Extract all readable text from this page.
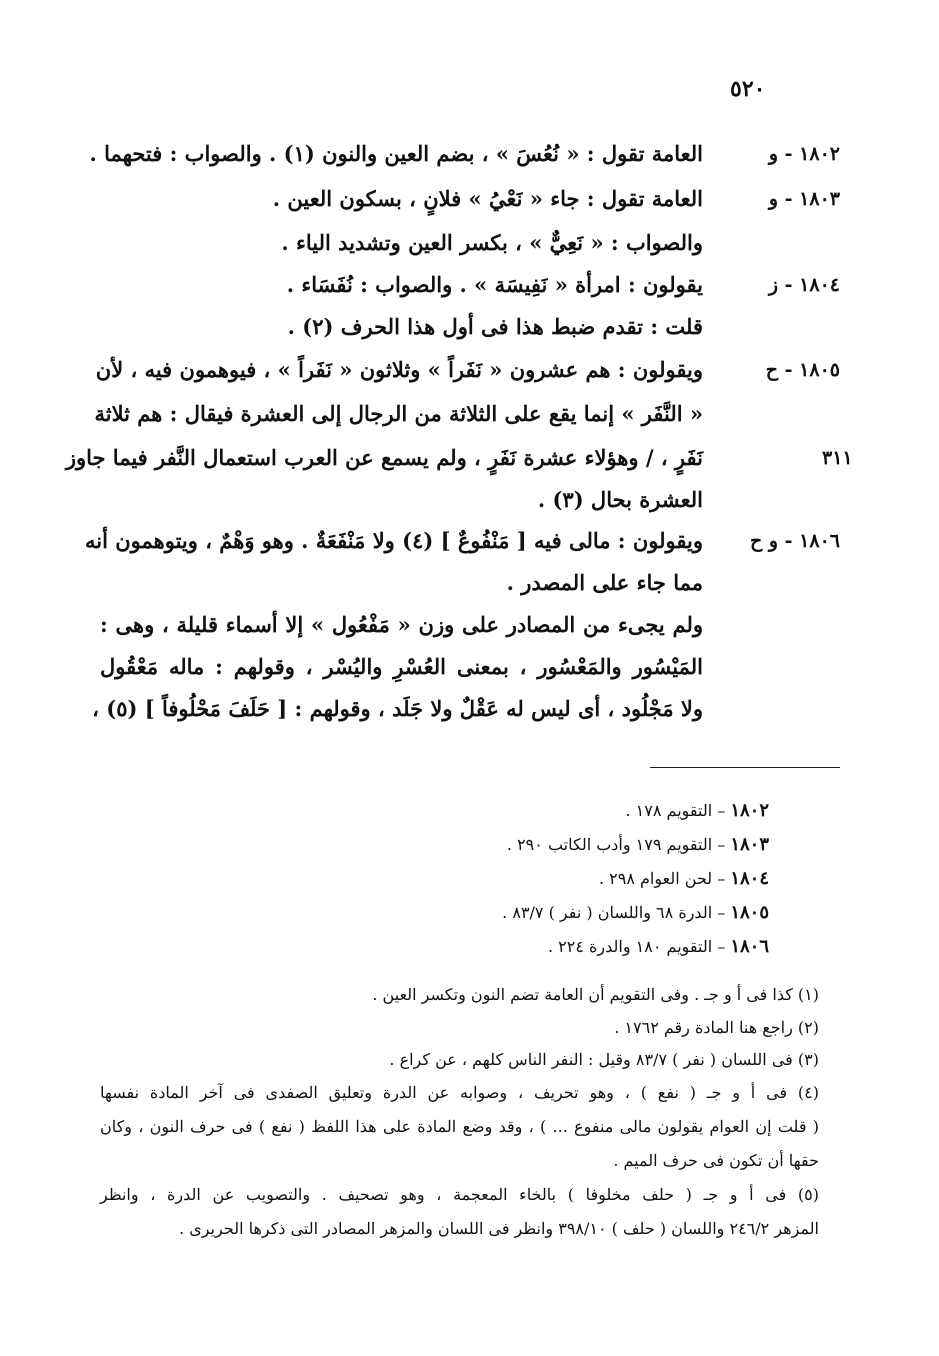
٥٢٠
١٨٠٢ - و
العامة تقول : « نُعُسَ » ، بضم العين والنون (١) . والصواب : فتحهما .
١٨٠٣ - و
العامة تقول : جاء « نَعْيُ » فلانٍ ، بسكون العين .
والصواب : « نَعِيٌّ » ، بكسر العين وتشديد الياء .
١٨٠٤ - ز
يقولون : امرأة « نَفِيسَة » . والصواب : نُفَسَاء .
قلت : تقدم ضبط هذا فى أول هذا الحرف (٢) .
١٨٠٥ - ح
ويقولون : هم عشرون « نَفَراً » وثلاثون « نَفَراً » ، فيوهمون فيه ، لأن
« النَّفَر » إنما يقع على الثلاثة من الرجال إلى العشرة فيقال : هم ثلاثة
نَفَرٍ ، / وهؤلاء عشرة نَفَرٍ ، ولم يسمع عن العرب استعمال النَّفر فيما جاوز
العشرة بحال (٣) .
٣١١
١٨٠٦ - و ح
ويقولون : مالى فيه [ مَنْفُوعٌ ] (٤) ولا مَنْفَعَةٌ . وهو وَهْمٌ ، ويتوهمون أنه
مما جاء على المصدر .
ولم يجىء من المصادر على وزن « مَفْعُول » إلا أسماء قليلة ، وهى :
المَيْسُور والمَعْسُور ، بمعنى العُسْرِ واليُسْر ، وقولهم : ماله مَعْقُول
ولا مَجْلُود ، أى ليس له عَقْلٌ ولا جَلَد ، وقولهم : [ حَلَفَ مَحْلُوفاً ] (٥) ،
١٨٠٢ – التقويم ١٧٨ .
١٨٠٣ – التقويم ١٧٩ وأدب الكاتب ٢٩٠ .
١٨٠٤ – لحن العوام ٢٩٨ .
١٨٠٥ – الدرة ٦٨ واللسان ( نفر ) ٨٣/٧ .
١٨٠٦ – التقويم ١٨٠ والدرة ٢٢٤ .
(١) كذا فى أ و جـ . وفى التقويم أن العامة تضم النون وتكسر العين .
(٢) راجع هنا المادة رقم ١٧٦٢ .
(٣) فى اللسان ( نفر ) ٨٣/٧ وقيل : النفر الناس كلهم ، عن كراع .
(٤) فى أ و جـ ( نفع ) ، وهو تحريف ، وصوابه عن الدرة وتعليق الصفدى فى آخر المادة نفسها
( قلت إن العوام يقولون مالى منفوع ... ) ، وقد وضع المادة على هذا اللفظ ( نفع ) فى حرف النون ، وكان
حقها أن تكون فى حرف الميم .
(٥) فى أ و جـ ( حلف مخلوفا ) بالخاء المعجمة ، وهو تصحيف . والتصويب عن الدرة ، وانظر
المزهر ٢٤٦/٢ واللسان ( حلف ) ٣٩٨/١٠ وانظر فى اللسان والمزهر المصادر التى ذكرها الحريرى .
